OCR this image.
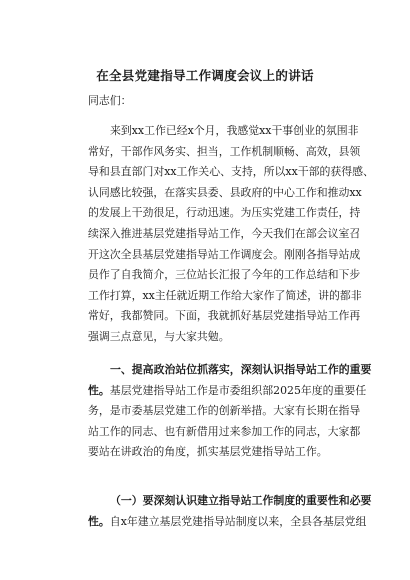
在全县党建指导工作调度会议上的讲话
同志们：
来到xx工作已经x个月，我感觉xx干事创业的氛围非
常好，干部作风务实、担当，工作机制顺畅、高效，县领
导和县直部门对xx工作关心、支持，所以xx干部的获得感、
认同感比较强，在落实县委、县政府的中心工作和推动xx
的发展上干劲很足，行动迅速。为压实党建工作责任，持
续深入推进基层党建指导站工作，今天我们在部会议室召
开这次全县基层党建指导站工作调度会。刚刚各指导站成
员作了自我简介，三位站长汇报了今年的工作总结和下步
工作打算，xx主任就近期工作给大家作了简述，讲的都非
常好，我都赞同。下面，我就抓好基层党建指导站工作再
强调三点意见，与大家共勉。
一、提高政治站位抓落实，深刻认识指导站工作的重要
性。基层党建指导站工作是市委组织部2025年度的重要任
务，是市委基层党建工作的创新举措。大家有长期在指导
站工作的同志、也有新借用过来参加工作的同志，大家都
要站在讲政治的角度，抓实基层党建指导站工作。
（一）要深刻认识建立指导站工作制度的重要性和必要
性。自x年建立基层党建指导站制度以来，全县各基层党组
